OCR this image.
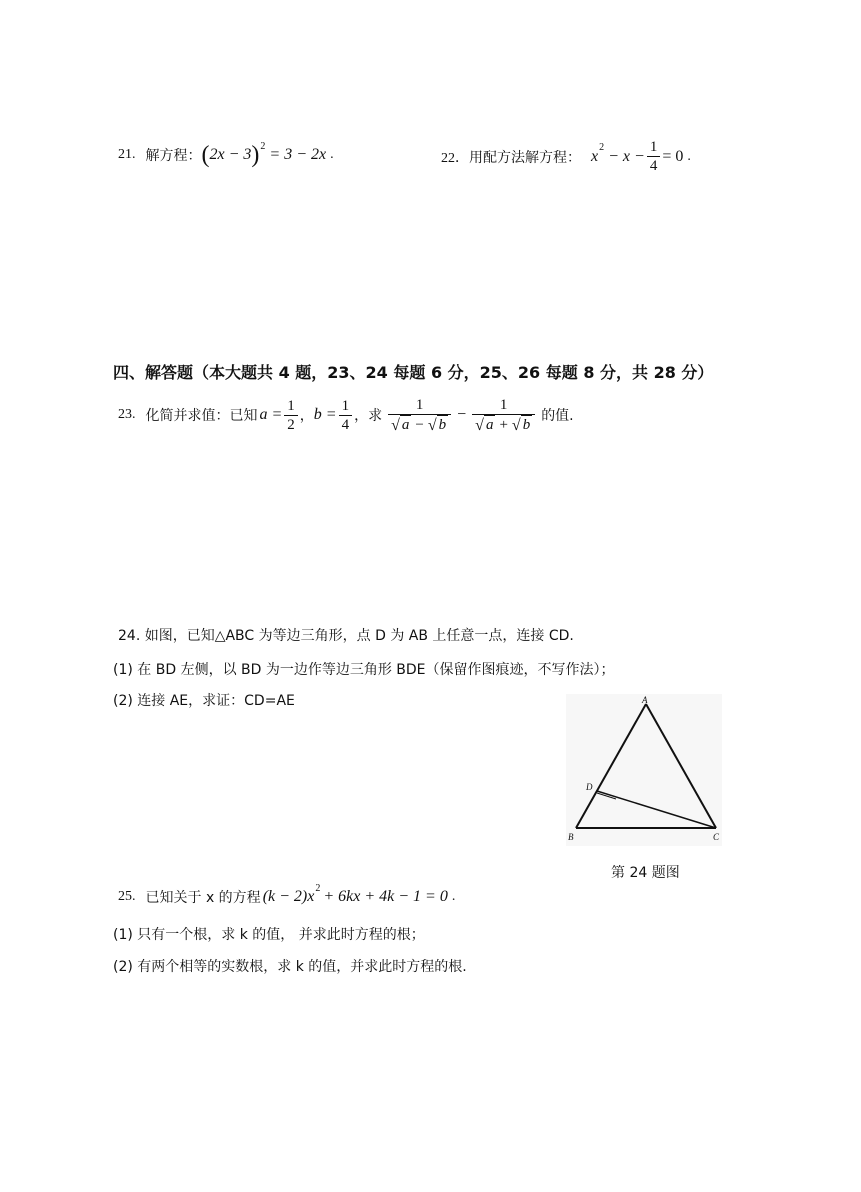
21. 解方程： ( 2x − 3 ) 2 = 3 − 2x .	22． 用配方法解方程： x $2 - x - \frac{1}{4} = 0$ .
四、解答题（本大题共 4 题，23、24 每题 6 分，25、26 每题 8 分，共 28 分）
23. 化简并求值：已知 $a = \frac{1}{2}$ ， $b = \frac{1}{4}$ ，求 $\frac{1}{√ a - √ b} - \frac{1}{√ a + √ b}$ 的值.
24. 如图，已知△ABC 为等边三角形，点 D 为 AB 上任意一点，连接 CD.
(1) 在 BD 左侧，以 BD 为一边作等边三角形 BDE（保留作图痕迹，不写作法）；
(2) 连接 AE，求证：CD=AE	A
B	C
D
第 24 题图
25. 已知关于 x 的方程 (k − 2)x 2 + 6kx + 4k − 1 = 0 .
(1) 只有一个根，求 k 的值， 并求此时方程的根；
(2) 有两个相等的实数根，求 k 的值，并求此时方程的根.
